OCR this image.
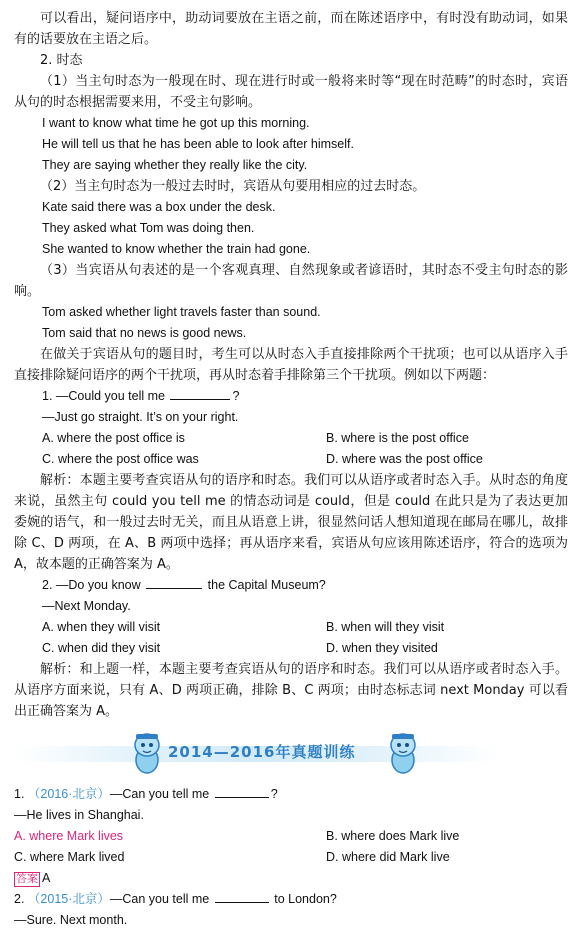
可以看出，疑问语序中，助动词要放在主语之前，而在陈述语序中，有时没有助动词，如果有的话要放在主语之后。

2. 时态

（1）当主句时态为一般现在时、现在进行时或一般将来时等“现在时范畴”的时态时，宾语从句的时态根据需要来用，不受主句影响。

I want to know what time he got up this morning.

He will tell us that he has been able to look after himself.

They are saying whether they really like the city.

（2）当主句时态为一般过去时时，宾语从句要用相应的过去时态。

Kate said there was a box under the desk.

They asked what Tom was doing then.

She wanted to know whether the train had gone.

（3）当宾语从句表述的是一个客观真理、自然现象或者谚语时，其时态不受主句时态的影响。

Tom asked whether light travels faster than sound.

Tom said that no news is good news.

在做关于宾语从句的题目时，考生可以从时态入手直接排除两个干扰项；也可以从语序入手直接排除疑问语序的两个干扰项，再从时态着手排除第三个干扰项。例如以下两题：

1. —Could you tell me	?

—Just go straight. It’s on your right.

A. where the post office is	B. where is the post office
C. where the post office was	D. where was the post office

解析：本题主要考查宾语从句的语序和时态。我们可以从语序或者时态入手。从时态的角度来说，虽然主句 could you tell me 的情态动词是 could，但是 could 在此只是为了表达更加委婉的语气，和一般过去时无关，而且从语意上讲，很显然问话人想知道现在邮局在哪儿，故排除 C、D 两项，在 A、B 两项中选择；再从语序来看，宾语从句应该用陈述语序，符合的选项为 A，故本题的正确答案为 A。

2. —Do you know	the Capital Museum?

—Next Monday.

A. when they will visit	B. when will they visit
C. when did they visit	D. when they visited

解析：和上题一样，本题主要考查宾语从句的语序和时态。我们可以从语序或者时态入手。从语序方面来说，只有 A、D 两项正确，排除 B、C 两项；由时态标志词 next Monday 可以看出正确答案为 A。

2014—2016年真题训练

1. （2016·北京）—Can you tell me	?

—He lives in Shanghai.

A. where Mark lives	B. where does Mark live
C. where Mark lived	D. where did Mark live

答案 A

2. （2015·北京）—Can you tell me	to London?

—Sure. Next month.
